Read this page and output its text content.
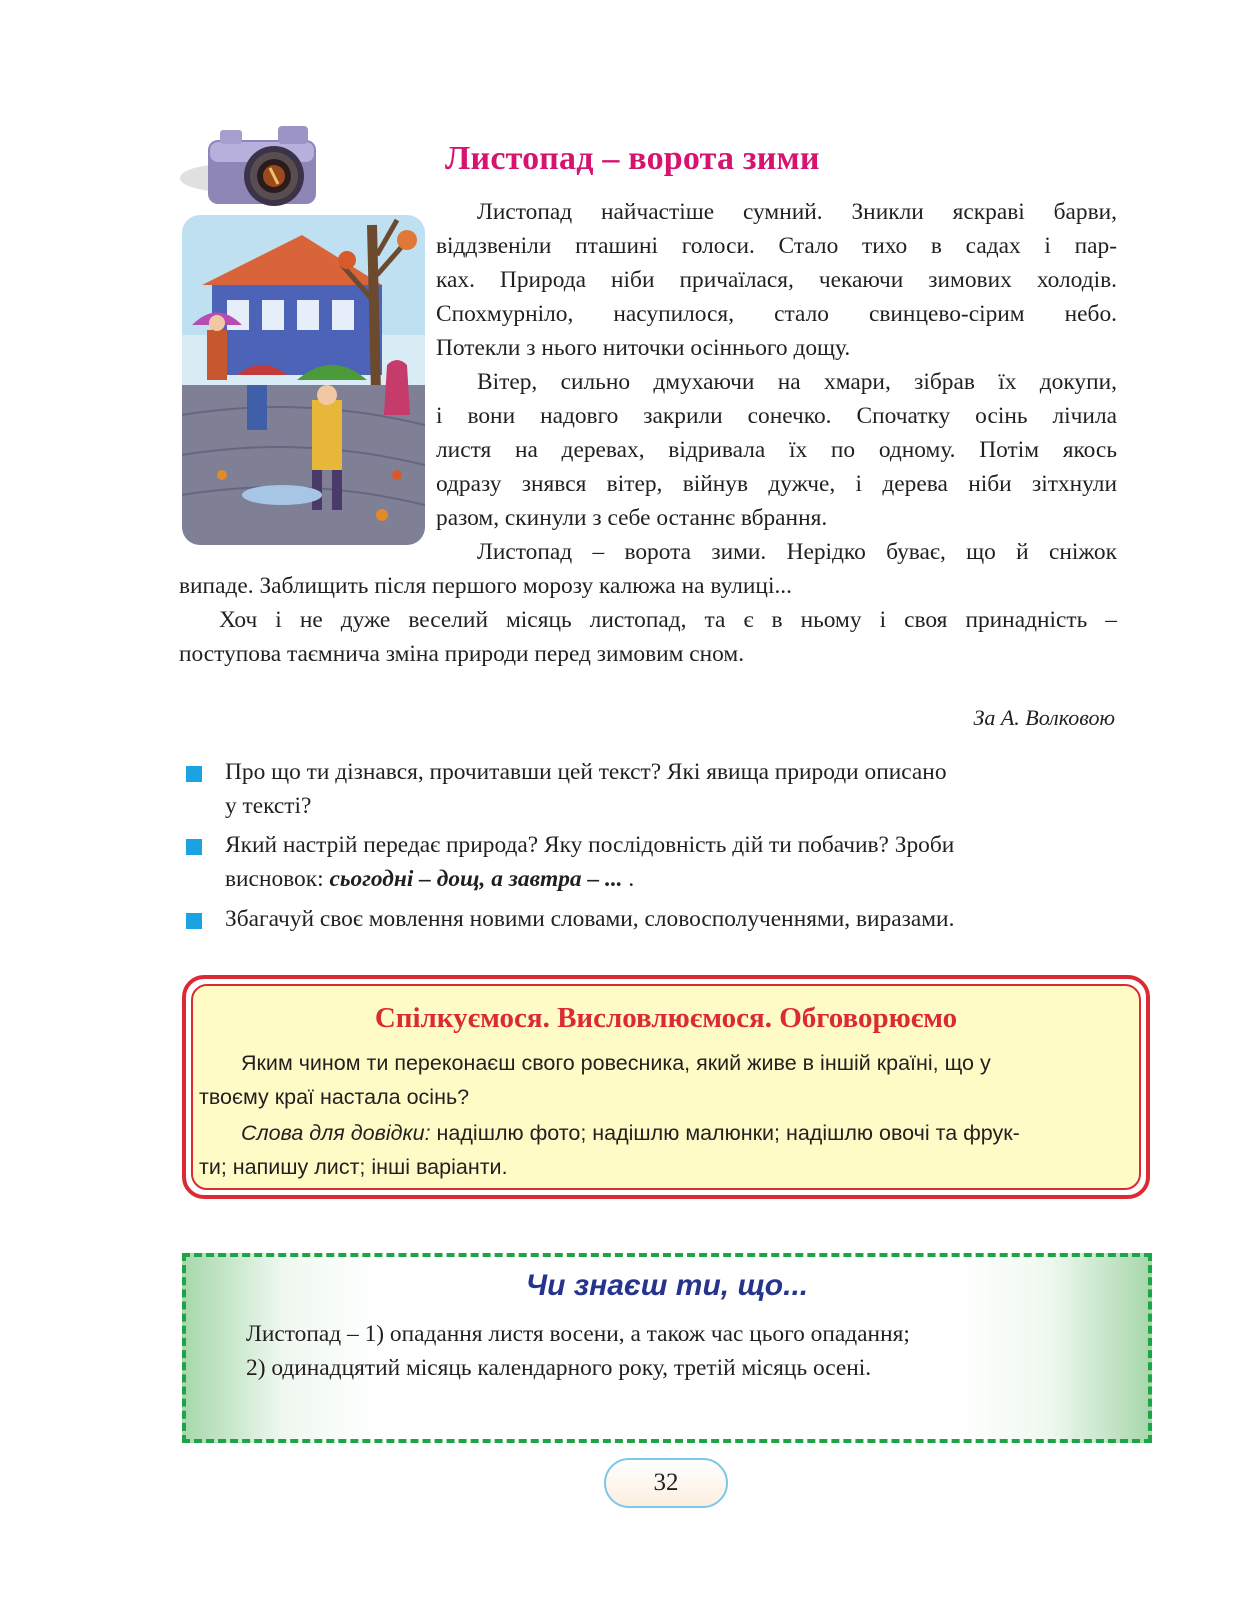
Листопад – ворота зими

Листопад найчастіше сумний. Зникли яскраві барви,

віддзвеніли пташині голоси. Стало тихо в садах і пар-

ках. Природа ніби причаїлася, чекаючи зимових холодів.

Спохмурніло, насупилося, стало свинцево-сірим небо.

Потекли з нього ниточки осіннього дощу.

Вітер, сильно дмухаючи на хмари, зібрав їх докупи,

і вони надовго закрили сонечко. Спочатку осінь лічила

листя на деревах, відривала їх по одному. Потім якось

одразу знявся вітер, війнув дужче, і дерева ніби зітхнули

разом, скинули з себе останнє вбрання.

Листопад – ворота зими. Нерідко буває, що й сніжок

випаде. Заблищить після першого морозу калюжа на вулиці...

Хоч і не дуже веселий місяць листопад, та є в ньому і своя принадність –

поступова таємнича зміна природи перед зимовим сном.

За А. Волковою
Про що ти дізнався, прочитавши цей текст? Які явища природи описано
у тексті?
Який настрій передає природа? Яку послідовність дій ти побачив? Зроби
висновок: сьогодні – дощ, а завтра – ... .
Збагачуй своє мовлення новими словами, словосполученнями, виразами.
Спілкуємося. Висловлюємося. Обговорюємо

Яким чином ти переконаєш свого ровесника, який живе в іншій країні, що у

твоєму краї настала осінь?

Слова для довідки: надішлю фото; надішлю малюнки; надішлю овочі та фрук-

ти; напишу лист; інші варіанти.

Чи знаєш ти, що...

Листопад – 1) опадання листя восени, а також час цього опадання;

2) одинадцятий місяць календарного року, третій місяць осені.

32
